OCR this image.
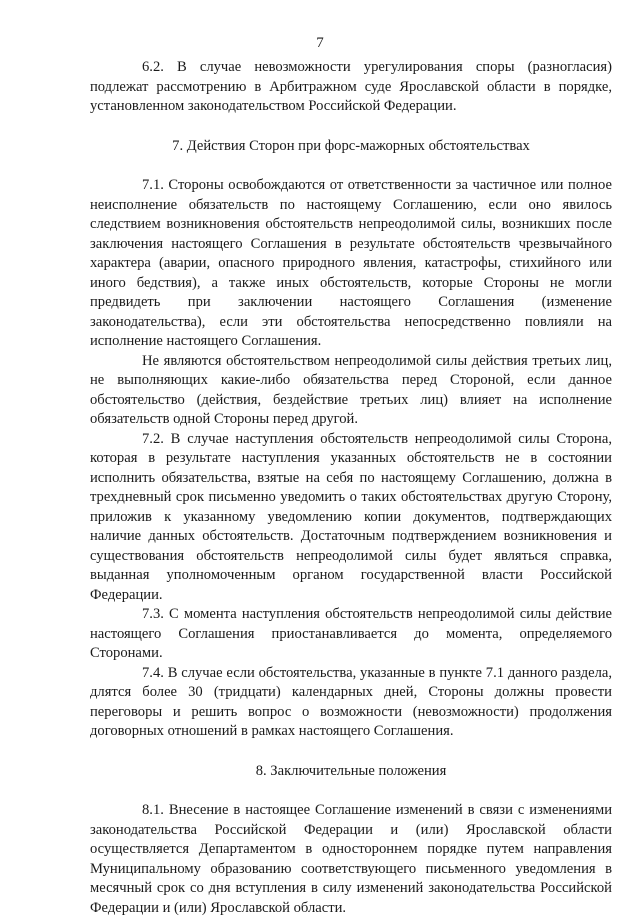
7

6.2. В случае невозможности урегулирования споры (разногласия) подлежат рассмотрению в Арбитражном суде Ярославской области в порядке, установленном законодательством Российской Федерации.

7. Действия Сторон при форс-мажорных обстоятельствах

7.1. Стороны освобождаются от ответственности за частичное или полное неисполнение обязательств по настоящему Соглашению, если оно явилось следствием возникновения обстоятельств непреодолимой силы, возникших после заключения настоящего Соглашения в результате обстоятельств чрезвычайного характера (аварии, опасного природного явления, катастрофы, стихийного или иного бедствия), а также иных обстоятельств, которые Стороны не могли предвидеть при заключении настоящего Соглашения (изменение законодательства), если эти обстоятельства непосредственно повлияли на исполнение настоящего Соглашения.

Не являются обстоятельством непреодолимой силы действия третьих лиц, не выполняющих какие-либо обязательства перед Стороной, если данное обстоятельство (действия, бездействие третьих лиц) влияет на исполнение обязательств одной Стороны перед другой.

7.2. В случае наступления обстоятельств непреодолимой силы Сторона, которая в результате наступления указанных обстоятельств не в состоянии исполнить обязательства, взятые на себя по настоящему Соглашению, должна в трехдневный срок письменно уведомить о таких обстоятельствах другую Сторону, приложив к указанному уведомлению копии документов, подтверждающих наличие данных обстоятельств. Достаточным подтверждением возникновения и существования обстоятельств непреодолимой силы будет являться справка, выданная уполномоченным органом государственной власти Российской Федерации.

7.3. С момента наступления обстоятельств непреодолимой силы действие настоящего Соглашения приостанавливается до момента, определяемого Сторонами.

7.4. В случае если обстоятельства, указанные в пункте 7.1 данного раздела, длятся более 30 (тридцати) календарных дней, Стороны должны провести переговоры и решить вопрос о возможности (невозможности) продолжения договорных отношений в рамках настоящего Соглашения.

8. Заключительные положения

8.1. Внесение в настоящее Соглашение изменений в связи с изменениями законодательства Российской Федерации и (или) Ярославской области осуществляется Департаментом в одностороннем порядке путем направления Муниципальному образованию соответствующего письменного уведомления в месячный срок со дня вступления в силу изменений законодательства Российской Федерации и (или) Ярославской области.
